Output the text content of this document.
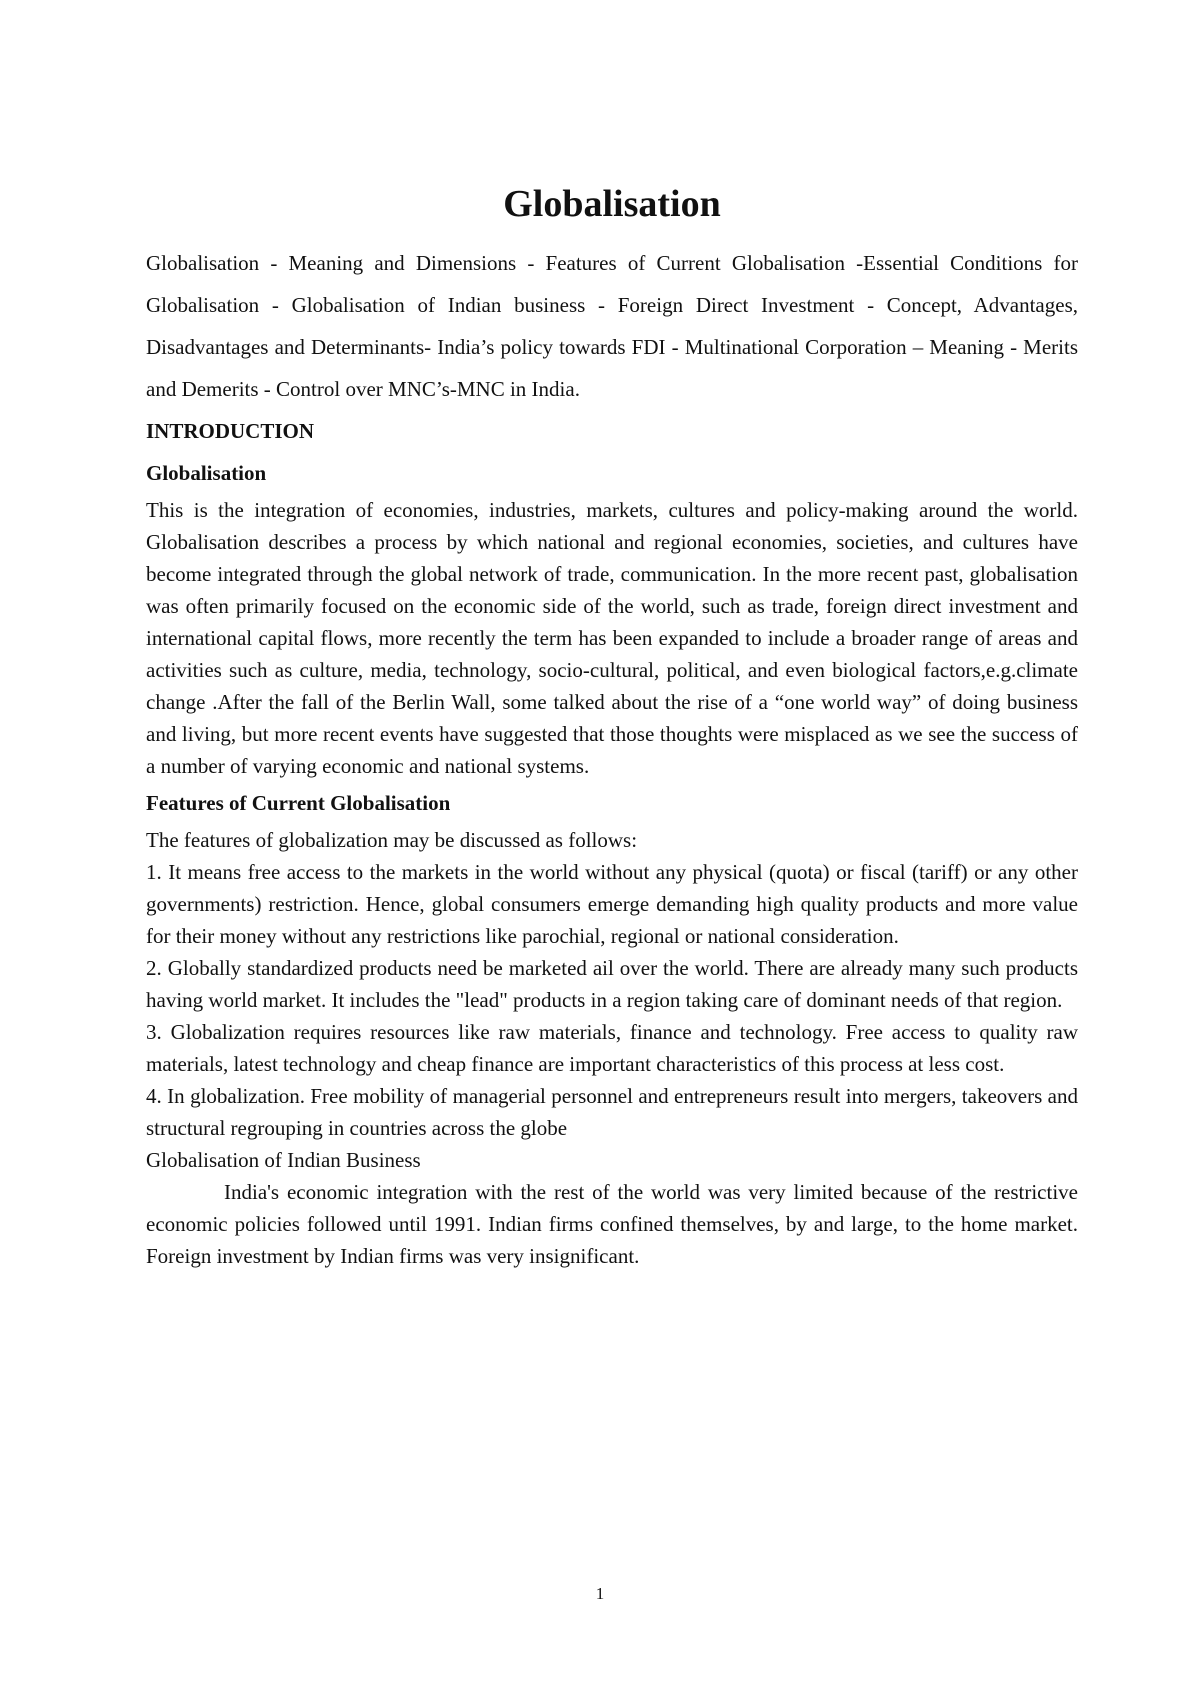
Globalisation

Globalisation - Meaning and Dimensions - Features of Current Globalisation -Essential Conditions for Globalisation - Globalisation of Indian business - Foreign Direct Investment - Concept, Advantages, Disadvantages and Determinants- India’s policy towards FDI - Multinational Corporation – Meaning - Merits and Demerits - Control over MNC’s-MNC in India.

INTRODUCTION

Globalisation

This is the integration of economies, industries, markets, cultures and policy-making around the world. Globalisation describes a process by which national and regional economies, societies, and cultures have become integrated through the global network of trade, communication. In the more recent past, globalisation was often primarily focused on the economic side of the world, such as trade, foreign direct investment and international capital flows, more recently the term has been expanded to include a broader range of areas and activities such as culture, media, technology, socio-cultural, political, and even biological factors,e.g.climate change .After the fall of the Berlin Wall, some talked about the rise of a “one world way” of doing business and living, but more recent events have suggested that those thoughts were misplaced as we see the success of a number of varying economic and national systems.

Features of Current Globalisation

The features of globalization may be discussed as follows:

1. It means free access to the markets in the world without any physical (quota) or fiscal (tariff) or any other governments) restriction. Hence, global consumers emerge demanding high quality products and more value for their money without any restrictions like parochial, regional or national consideration.

2. Globally standardized products need be marketed ail over the world. There are already many such products having world market. It includes the "lead" products in a region taking care of dominant needs of that region.

3. Globalization requires resources like raw materials, finance and technology. Free access to quality raw materials, latest technology and cheap finance are important characteristics of this process at less cost.

4. In globalization. Free mobility of managerial personnel and entrepreneurs result into mergers, takeovers and structural regrouping in countries across the globe

Globalisation of Indian Business

India's economic integration with the rest of the world was very limited because of the restrictive economic policies followed until 1991. Indian firms confined themselves, by and large, to the home market. Foreign investment by Indian firms was very insignificant.

1
